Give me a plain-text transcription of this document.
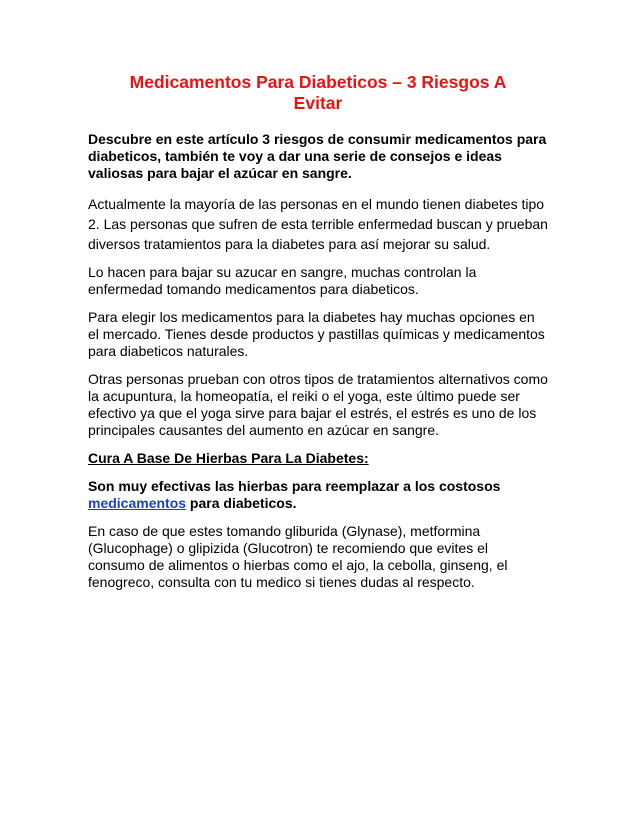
Medicamentos Para Diabeticos – 3 Riesgos A Evitar

Descubre en este artículo 3 riesgos de consumir medicamentos para diabeticos, también te voy a dar una serie de consejos e ideas valiosas para bajar el azúcar en sangre.

Actualmente la mayoría de las personas en el mundo tienen diabetes tipo 2. Las personas que sufren de esta terrible enfermedad buscan y prueban diversos tratamientos para la diabetes para así mejorar su salud.

Lo hacen para bajar su azucar en sangre, muchas controlan la enfermedad tomando medicamentos para diabeticos.

Para elegir los medicamentos para la diabetes hay muchas opciones en el mercado. Tienes desde productos y pastillas químicas y medicamentos para diabeticos naturales.

Otras personas prueban con otros tipos de tratamientos alternativos como la acupuntura, la homeopatía, el reiki o el yoga, este último puede ser efectivo ya que el yoga sirve para bajar el estrés, el estrés es uno de los principales causantes del aumento en azúcar en sangre.

Cura A Base De Hierbas Para La Diabetes:

Son muy efectivas las hierbas para reemplazar a los costosos medicamentos para diabeticos.

En caso de que estes tomando gliburida (Glynase), metformina (Glucophage) o glipizida (Glucotron) te recomiendo que evites el consumo de alimentos o hierbas como el ajo, la cebolla, ginseng, el fenogreco, consulta con tu medico si tienes dudas al respecto.
